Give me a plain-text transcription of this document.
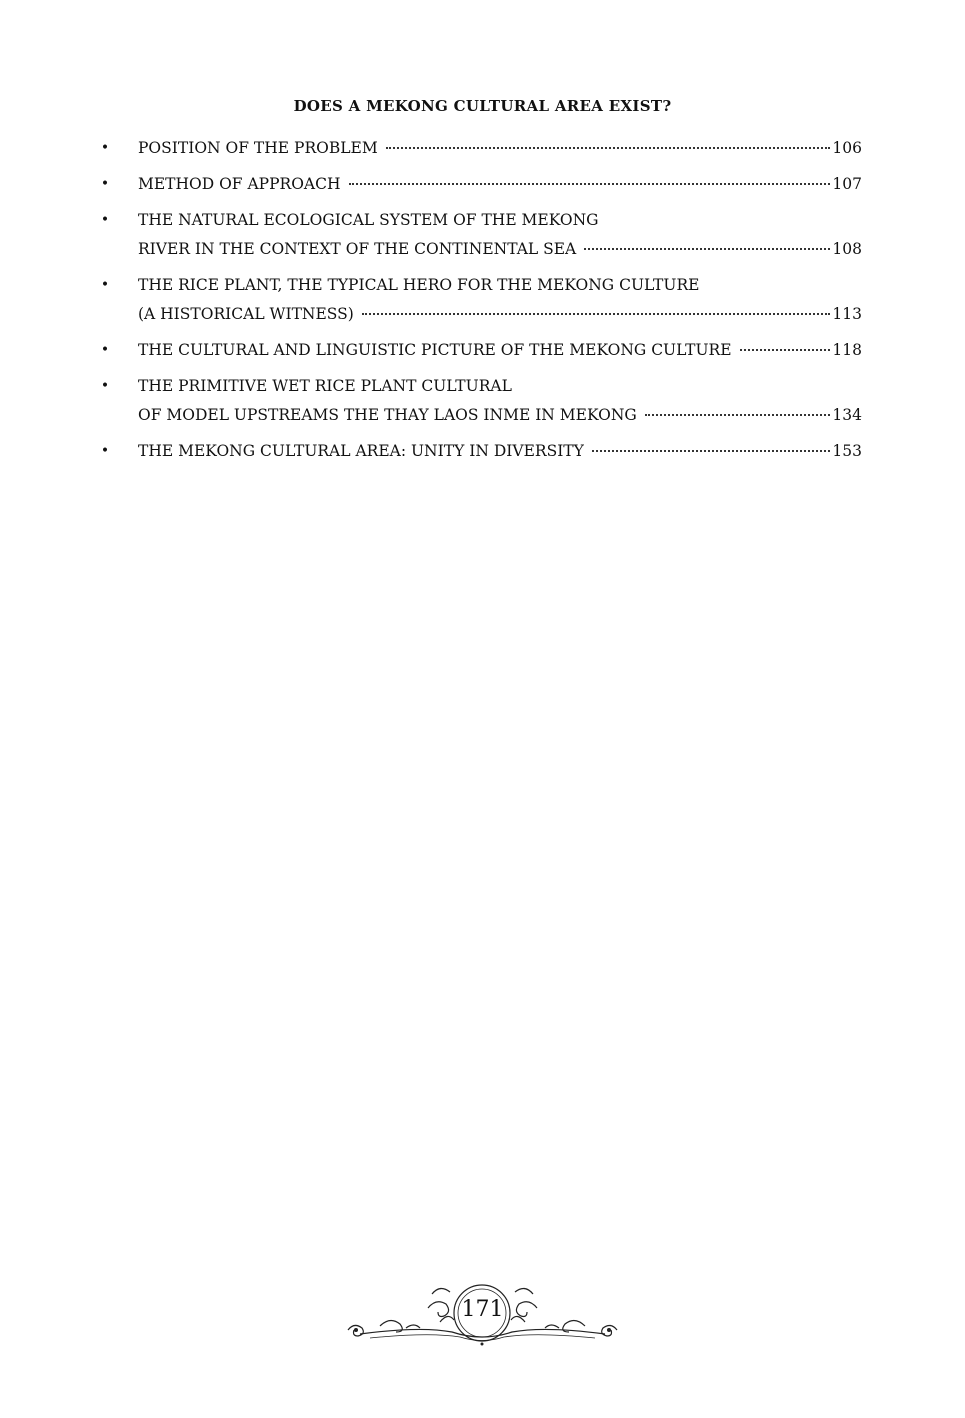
DOES A MEKONG CULTURAL AREA EXIST?
• POSITION OF THE PROBLEM	106
• METHOD OF APPROACH	107
• THE NATURAL ECOLOGICAL SYSTEM OF THE MEKONG
RIVER IN THE CONTEXT OF THE CONTINENTAL SEA	108
• THE RICE PLANT, THE TYPICAL HERO FOR THE MEKONG CULTURE
(A HISTORICAL WITNESS)	113
• THE CULTURAL AND LINGUISTIC PICTURE OF THE MEKONG CULTURE	118
• THE PRIMITIVE WET RICE PLANT CULTURAL
OF MODEL UPSTREAMS THE THAY LAOS INME IN MEKONG	134
• THE MEKONG CULTURAL AREA: UNITY IN DIVERSITY	153
171
